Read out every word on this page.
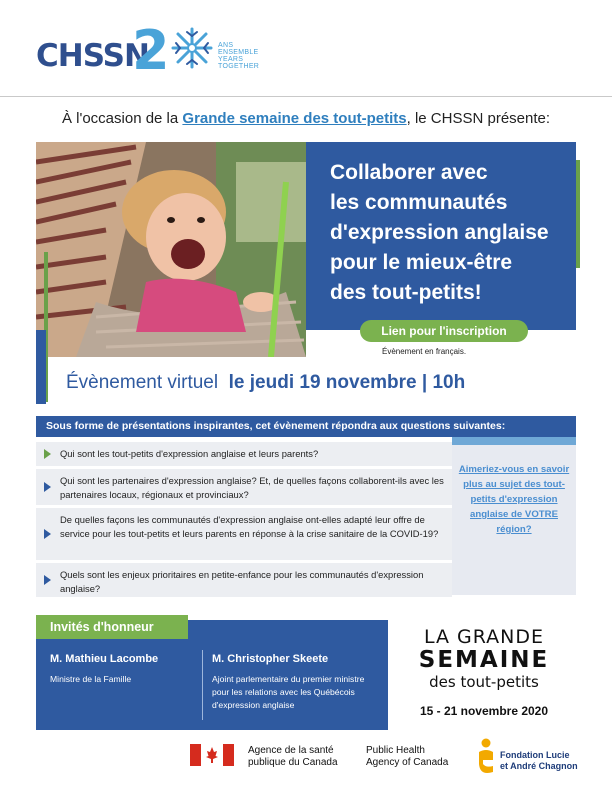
CHSSN
2	ANS
ENSEMBLE
YEARS
TOGETHER
À l'occasion de la Grande semaine des tout-petits, le CHSSN présente:
Collaborer avec
les communautés
d'expression anglaise
pour le mieux-être
des tout-petits!
Lien pour l'inscription
Évènement en français.
Évènement virtuel le jeudi 19 novembre | 10h
Sous forme de présentations inspirantes, cet évènement répondra aux questions suivantes:
Qui sont les tout-petits d'expression anglaise et leurs parents?
Qui sont les partenaires d'expression anglaise? Et, de quelles façons collaborent-ils avec les partenaires locaux, régionaux et provinciaux?
De quelles façons les communautés d'expression anglaise ont-elles adapté leur offre de service pour les tout-petits et leurs parents en réponse à la crise sanitaire de la COVID-19?
Quels sont les enjeux prioritaires en petite-enfance pour les communautés d'expression anglaise?
Aimeriez-vous en savoir plus au sujet des tout-petits d'expression anglaise de VOTRE région?
Invités d'honneur
M. Mathieu Lacombe
Ministre de la Famille
M. Christopher Skeete
Ajoint parlementaire du premier ministre pour les relations avec les Québécois d'expression anglaise
LA GRANDE
SEMAINE
des tout-petits
15 - 21 novembre 2020
Agence de la santé
publique du Canada
Public Health
Agency of Canada
Fondation Lucie
et André Chagnon
